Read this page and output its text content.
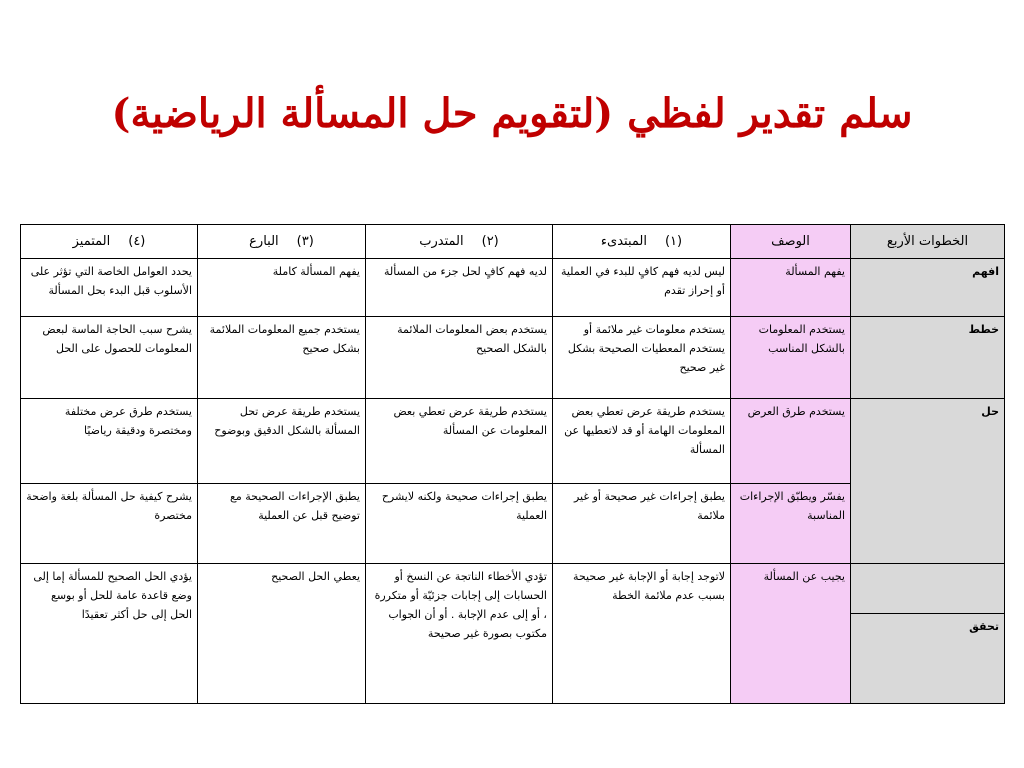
سلم تقدير لفظي (لتقويم حل المسألة الرياضية)
الخطوات الأربع	الوصف	(١)المبتدىء	(٢)المتدرب	(٣)البارع	(٤)المتميز
افهم	يفهم المسألة	ليس لديه فهم كافٍ للبدء في العملية أو إحراز تقدم	لديه فهم كافٍ لحل جزء من المسألة	يفهم المسألة كاملة	يحدد العوامل الخاصة التي تؤثر على الأسلوب قبل البدء بحل المسألة
خطط	يستخدم المعلومات بالشكل المناسب	يستخدم معلومات غير ملائمة أو يستخدم المعطيات الصحيحة بشكل غير صحيح	يستخدم بعض المعلومات الملائمة بالشكل الصحيح	يستخدم جميع المعلومات الملائمة بشكل صحيح	يشرح سبب الحاجة الماسة لبعض المعلومات للحصول على الحل
حل	يستخدم طرق العرض	يستخدم طريقة عرض تعطي بعض المعلومات الهامة أو قد لاتعطيها عن المسألة	يستخدم طريقة عرض تعطي بعض المعلومات عن المسألة	يستخدم طريقة عرض تحل المسألة بالشكل الدقيق وبوضوح	يستخدم طرق عرض مختلفة ومختصرة ودقيقة رياضيًا
	يفسّر ويطبّق الإجراءات المناسبة	يطبق إجراءات غير صحيحة أو غير ملائمة	يطبق إجراءات صحيحة ولكنه لايشرح العملية	يطبق الإجراءات الصحيحة مع توضيح قبل عن العملية	يشرح كيفية حل المسألة بلغة واضحة مختصرة
	يجيب عن المسألة	لاتوجد إجابة أو الإجابة غير صحيحة بسبب عدم ملائمة الخطة	تؤدي الأخطاء الناتجة عن النسخ أو الحسابات إلى إجابات جزئيّة أو متكررة ، أو إلى عدم الإجابة . أو أن الجواب مكتوب بصورة غير صحيحة	يعطي الحل الصحيح	يؤدي الحل الصحيح للمسألة إما إلى وضع قاعدة عامة للحل أو بوسع الحل إلى حل أكثر تعقيدًا
تحقق					
